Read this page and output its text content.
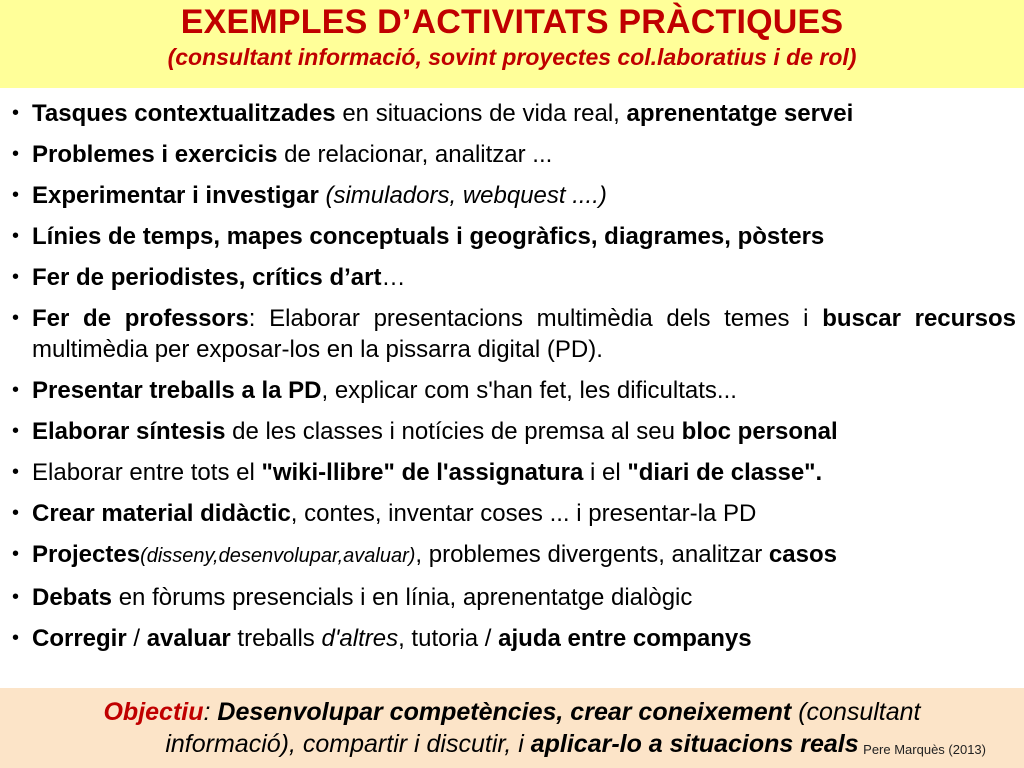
EXEMPLES D’ACTIVITATS PRÀCTIQUES
(consultant informació, sovint proyectes col.laboratius i de rol)
• Tasques contextualitzades en situacions de vida real, aprenentatge servei
• Problemes i exercicis de relacionar, analitzar ...
• Experimentar i investigar (simuladors, webquest ....)
• Línies de temps, mapes conceptuals i geogràfics, diagrames, pòsters
• Fer de periodistes, crítics d’art…
• Fer de professors: Elaborar presentacions multimèdia dels temes i buscar recursos multimèdia per exposar-los en la pissarra digital (PD).
• Presentar treballs a la PD, explicar com s'han fet, les dificultats...
• Elaborar síntesis de les classes i notícies de premsa al seu bloc personal
• Elaborar entre tots el "wiki-llibre" de l'assignatura i el "diari de classe".
• Crear material didàctic, contes, inventar coses ... i presentar-la PD
• Projectes(disseny,desenvolupar,avaluar), problemes divergents, analitzar casos
• Debats en fòrums presencials i en línia, aprenentatge dialògic
• Corregir / avaluar treballs d'altres, tutoria / ajuda entre companys
Objectiu: Desenvolupar competències, crear coneixement (consultant informació), compartir i discutir, i aplicar-lo a situacions reals Pere Marquès (2013)
